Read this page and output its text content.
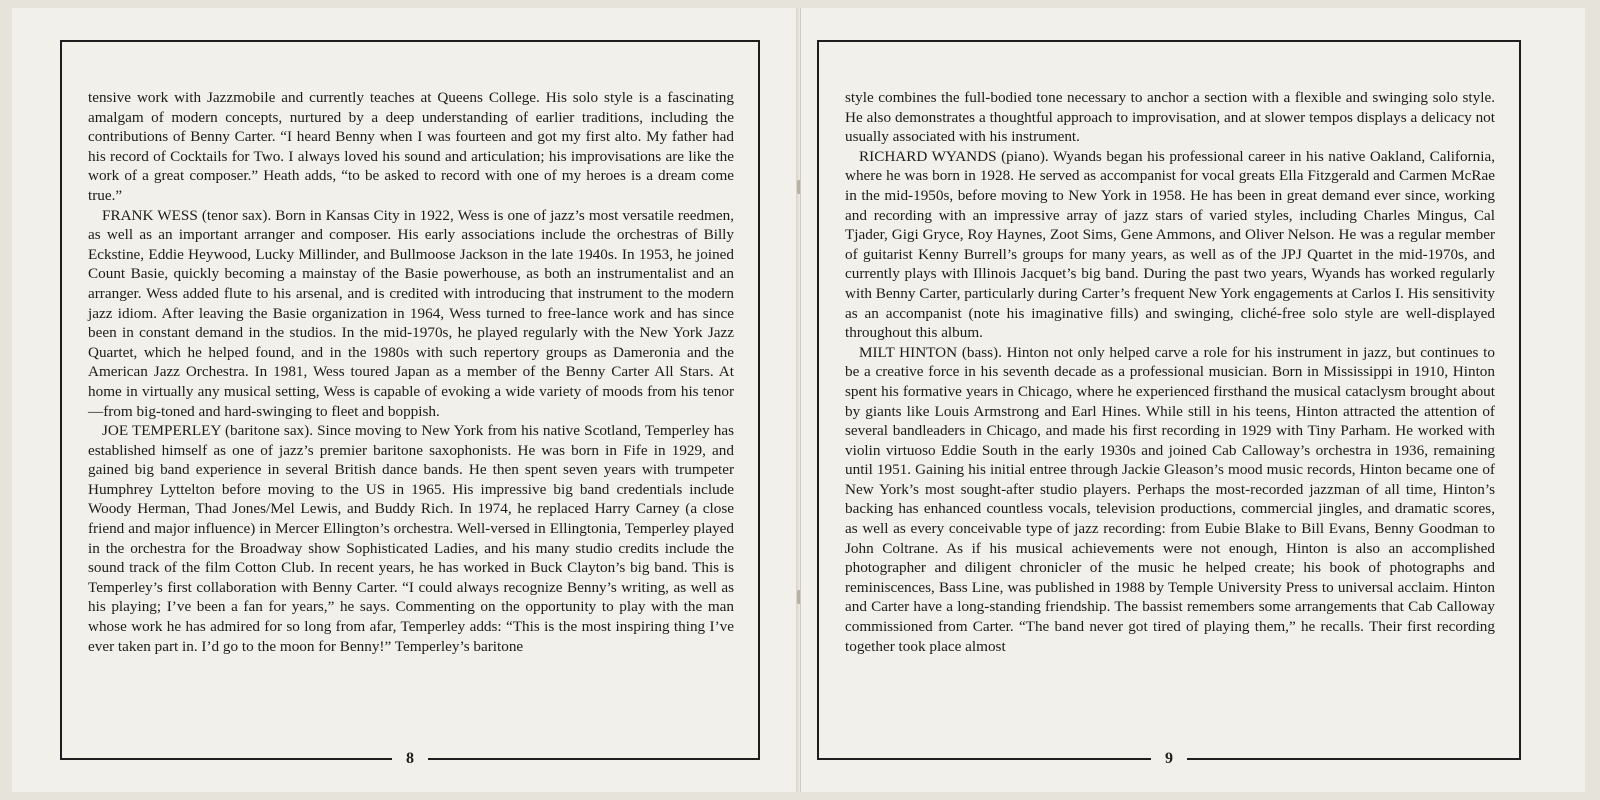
tensive work with Jazzmobile and currently teaches at Queens College. His solo style is a fascinating amalgam of modern concepts, nurtured by a deep understanding of earlier traditions, including the contributions of Benny Carter. “I heard Benny when I was fourteen and got my first alto. My father had his record of Cocktails for Two. I always loved his sound and articulation; his improvisations are like the work of a great composer.” Heath adds, “to be asked to record with one of my heroes is a dream come true.”

FRANK WESS (tenor sax). Born in Kansas City in 1922, Wess is one of jazz’s most versatile reedmen, as well as an important arranger and composer. His early associations include the orchestras of Billy Eckstine, Eddie Heywood, Lucky Millinder, and Bullmoose Jackson in the late 1940s. In 1953, he joined Count Basie, quickly becoming a mainstay of the Basie powerhouse, as both an instrumentalist and an arranger. Wess added flute to his arsenal, and is credited with introducing that instrument to the modern jazz idiom. After leaving the Basie organization in 1964, Wess turned to free-lance work and has since been in constant demand in the studios. In the mid-1970s, he played regularly with the New York Jazz Quartet, which he helped found, and in the 1980s with such repertory groups as Dameronia and the American Jazz Orchestra. In 1981, Wess toured Japan as a member of the Benny Carter All Stars. At home in virtually any musical setting, Wess is capable of evoking a wide variety of moods from his tenor—from big-toned and hard-swinging to fleet and boppish.

JOE TEMPERLEY (baritone sax). Since moving to New York from his native Scotland, Temperley has established himself as one of jazz’s premier baritone saxophonists. He was born in Fife in 1929, and gained big band experience in several British dance bands. He then spent seven years with trumpeter Humphrey Lyttelton before moving to the US in 1965. His impressive big band credentials include Woody Herman, Thad Jones/Mel Lewis, and Buddy Rich. In 1974, he replaced Harry Carney (a close friend and major influence) in Mercer Ellington’s orchestra. Well-versed in Ellingtonia, Temperley played in the orchestra for the Broadway show Sophisticated Ladies, and his many studio credits include the sound track of the film Cotton Club. In recent years, he has worked in Buck Clayton’s big band. This is Temperley’s first collaboration with Benny Carter. “I could always recognize Benny’s writing, as well as his playing; I’ve been a fan for years,” he says. Commenting on the opportunity to play with the man whose work he has admired for so long from afar, Temperley adds: “This is the most inspiring thing I’ve ever taken part in. I’d go to the moon for Benny!” Temperley’s baritone

8

style combines the full-bodied tone necessary to anchor a section with a flexible and swinging solo style. He also demonstrates a thoughtful approach to improvisation, and at slower tempos displays a delicacy not usually associated with his instrument.

RICHARD WYANDS (piano). Wyands began his professional career in his native Oakland, California, where he was born in 1928. He served as accompanist for vocal greats Ella Fitzgerald and Carmen McRae in the mid-1950s, before moving to New York in 1958. He has been in great demand ever since, working and recording with an impressive array of jazz stars of varied styles, including Charles Mingus, Cal Tjader, Gigi Gryce, Roy Haynes, Zoot Sims, Gene Ammons, and Oliver Nelson. He was a regular member of guitarist Kenny Burrell’s groups for many years, as well as of the JPJ Quartet in the mid-1970s, and currently plays with Illinois Jacquet’s big band. During the past two years, Wyands has worked regularly with Benny Carter, particularly during Carter’s frequent New York engagements at Carlos I. His sensitivity as an accompanist (note his imaginative fills) and swinging, cliché-free solo style are well-displayed throughout this album.

MILT HINTON (bass). Hinton not only helped carve a role for his instrument in jazz, but continues to be a creative force in his seventh decade as a professional musician. Born in Mississippi in 1910, Hinton spent his formative years in Chicago, where he experienced firsthand the musical cataclysm brought about by giants like Louis Armstrong and Earl Hines. While still in his teens, Hinton attracted the attention of several bandleaders in Chicago, and made his first recording in 1929 with Tiny Parham. He worked with violin virtuoso Eddie South in the early 1930s and joined Cab Calloway’s orchestra in 1936, remaining until 1951. Gaining his initial entree through Jackie Gleason’s mood music records, Hinton became one of New York’s most sought-after studio players. Perhaps the most-recorded jazzman of all time, Hinton’s backing has enhanced countless vocals, television productions, commercial jingles, and dramatic scores, as well as every conceivable type of jazz recording: from Eubie Blake to Bill Evans, Benny Goodman to John Coltrane. As if his musical achievements were not enough, Hinton is also an accomplished photographer and diligent chronicler of the music he helped create; his book of photographs and reminiscences, Bass Line, was published in 1988 by Temple University Press to universal acclaim. Hinton and Carter have a long-standing friendship. The bassist remembers some arrangements that Cab Calloway commissioned from Carter. “The band never got tired of playing them,” he recalls. Their first recording together took place almost

9
